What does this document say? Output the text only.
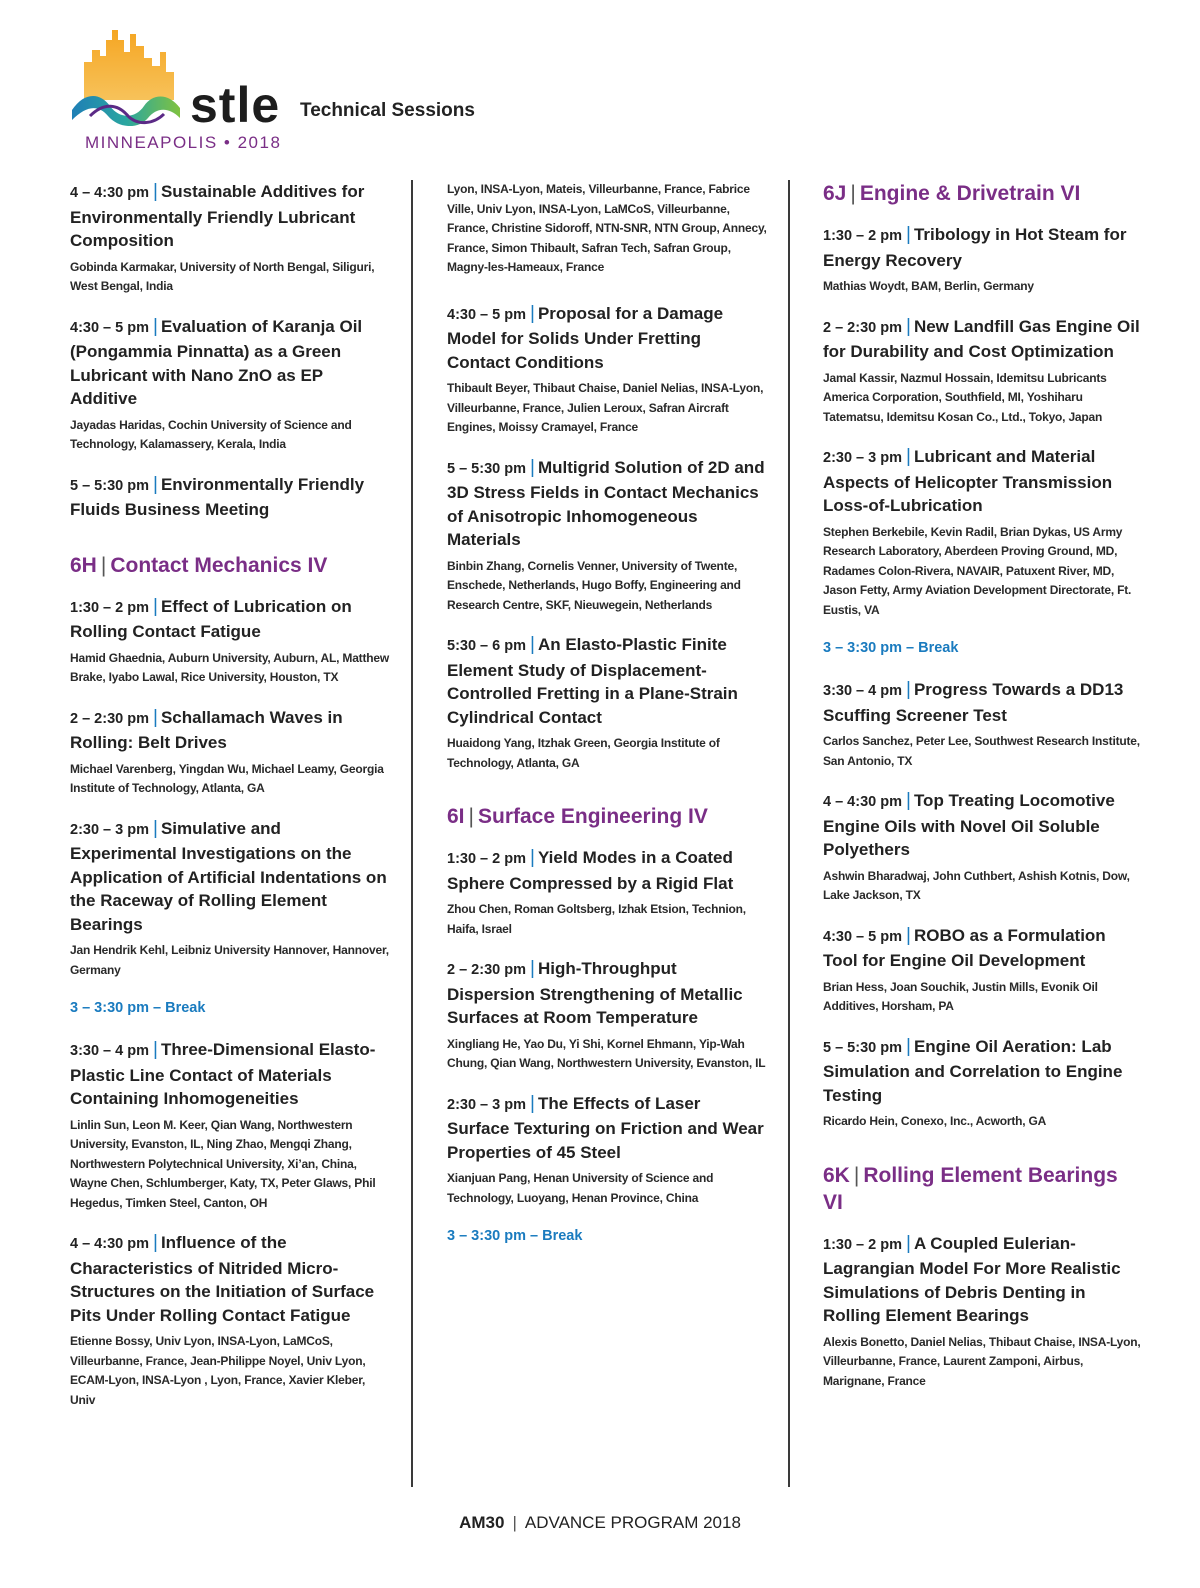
stle Technical Sessions
MINNEAPOLIS • 2018
4 – 4:30 pm | Sustainable Additives for Environmentally Friendly Lubricant Composition
Gobinda Karmakar, University of North Bengal, Siliguri, West Bengal, India
4:30 – 5 pm | Evaluation of Karanja Oil (Pongammia Pinnatta) as a Green Lubricant with Nano ZnO as EP Additive
Jayadas Haridas, Cochin University of Science and Technology, Kalamassery, Kerala, India
5 – 5:30 pm | Environmentally Friendly Fluids Business Meeting
6H | Contact Mechanics IV
1:30 – 2 pm | Effect of Lubrication on Rolling Contact Fatigue
Hamid Ghaednia, Auburn University, Auburn, AL, Matthew Brake, Iyabo Lawal, Rice University, Houston, TX
2 – 2:30 pm | Schallamach Waves in Rolling: Belt Drives
Michael Varenberg, Yingdan Wu, Michael Leamy, Georgia Institute of Technology, Atlanta, GA
2:30 – 3 pm | Simulative and Experimental Investigations on the Application of Artificial Indentations on the Raceway of Rolling Element Bearings
Jan Hendrik Kehl, Leibniz University Hannover, Hannover, Germany
3 – 3:30 pm – Break
3:30 – 4 pm | Three-Dimensional Elasto-Plastic Line Contact of Materials Containing Inhomogeneities
Linlin Sun, Leon M. Keer, Qian Wang, Northwestern University, Evanston, IL, Ning Zhao, Mengqi Zhang, Northwestern Polytechnical University, Xi’an, China, Wayne Chen, Schlumberger, Katy, TX, Peter Glaws, Phil Hegedus, Timken Steel, Canton, OH
4 – 4:30 pm | Influence of the Characteristics of Nitrided Micro-Structures on the Initiation of Surface Pits Under Rolling Contact Fatigue
Etienne Bossy, Univ Lyon, INSA-Lyon, LaMCoS, Villeurbanne, France, Jean-Philippe Noyel, Univ Lyon, ECAM-Lyon, INSA-Lyon , Lyon, France, Xavier Kleber, Univ
Lyon, INSA-Lyon, Mateis, Villeurbanne, France, Fabrice Ville, Univ Lyon, INSA-Lyon, LaMCoS, Villeurbanne, France, Christine Sidoroff, NTN-SNR, NTN Group, Annecy, France, Simon Thibault, Safran Tech, Safran Group, Magny-les-Hameaux, France
4:30 – 5 pm | Proposal for a Damage Model for Solids Under Fretting Contact Conditions
Thibault Beyer, Thibaut Chaise, Daniel Nelias, INSA-Lyon, Villeurbanne, France, Julien Leroux, Safran Aircraft Engines, Moissy Cramayel, France
5 – 5:30 pm | Multigrid Solution of 2D and 3D Stress Fields in Contact Mechanics of Anisotropic Inhomogeneous Materials
Binbin Zhang, Cornelis Venner, University of Twente, Enschede, Netherlands, Hugo Boffy, Engineering and Research Centre, SKF, Nieuwegein, Netherlands
5:30 – 6 pm | An Elasto-Plastic Finite Element Study of Displacement-Controlled Fretting in a Plane-Strain Cylindrical Contact
Huaidong Yang, Itzhak Green, Georgia Institute of Technology, Atlanta, GA
6I | Surface Engineering IV
1:30 – 2 pm | Yield Modes in a Coated Sphere Compressed by a Rigid Flat
Zhou Chen, Roman Goltsberg, Izhak Etsion, Technion, Haifa, Israel
2 – 2:30 pm | High-Throughput Dispersion Strengthening of Metallic Surfaces at Room Temperature
Xingliang He, Yao Du, Yi Shi, Kornel Ehmann, Yip-Wah Chung, Qian Wang, Northwestern University, Evanston, IL
2:30 – 3 pm | The Effects of Laser Surface Texturing on Friction and Wear Properties of 45 Steel
Xianjuan Pang, Henan University of Science and Technology, Luoyang, Henan Province, China
3 – 3:30 pm – Break
6J | Engine & Drivetrain VI
1:30 – 2 pm | Tribology in Hot Steam for Energy Recovery
Mathias Woydt, BAM, Berlin, Germany
2 – 2:30 pm | New Landfill Gas Engine Oil for Durability and Cost Optimization
Jamal Kassir, Nazmul Hossain, Idemitsu Lubricants America Corporation, Southfield, MI, Yoshiharu Tatematsu, Idemitsu Kosan Co., Ltd., Tokyo, Japan
2:30 – 3 pm | Lubricant and Material Aspects of Helicopter Transmission Loss-of-Lubrication
Stephen Berkebile, Kevin Radil, Brian Dykas, US Army Research Laboratory, Aberdeen Proving Ground, MD, Radames Colon-Rivera, NAVAIR, Patuxent River, MD, Jason Fetty, Army Aviation Development Directorate, Ft. Eustis, VA
3 – 3:30 pm – Break
3:30 – 4 pm | Progress Towards a DD13 Scuffing Screener Test
Carlos Sanchez, Peter Lee, Southwest Research Institute, San Antonio, TX
4 – 4:30 pm | Top Treating Locomotive Engine Oils with Novel Oil Soluble Polyethers
Ashwin Bharadwaj, John Cuthbert, Ashish Kotnis, Dow, Lake Jackson, TX
4:30 – 5 pm | ROBO as a Formulation Tool for Engine Oil Development
Brian Hess, Joan Souchik, Justin Mills, Evonik Oil Additives, Horsham, PA
5 – 5:30 pm | Engine Oil Aeration: Lab Simulation and Correlation to Engine Testing
Ricardo Hein, Conexo, Inc., Acworth, GA
6K | Rolling Element Bearings VI
1:30 – 2 pm | A Coupled Eulerian-Lagrangian Model For More Realistic Simulations of Debris Denting in Rolling Element Bearings
Alexis Bonetto, Daniel Nelias, Thibaut Chaise, INSA-Lyon, Villeurbanne, France, Laurent Zamponi, Airbus, Marignane, France
AM30 | ADVANCE PROGRAM 2018
